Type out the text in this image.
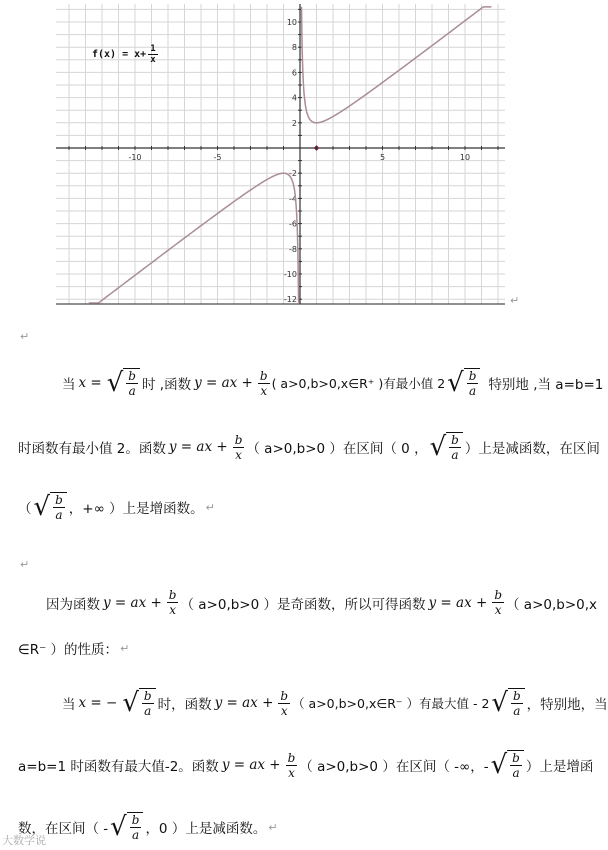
-10	-5	5	10
10
8
6
4
2
-2
-4
-6
-8
-10
-12
$f(x) = x+ \frac{1}{x}$
↵
↵
当 x = √ $\frac{b}{a}$ 时 ,函数 y = ax + $\frac{b}{x}$ ( a>0,b>0,x∈R⁺ )有最小值 2 √ $\frac{b}{a}$ 特别地 ,当 a=b=1
时函数有最小值 2。函数 y = ax + $\frac{b}{x}$ （ a>0,b>0 ）在区间（ 0 ， √ $\frac{b}{a}$ ）上是减函数，在区间
（ √ $\frac{b}{a}$ ，+∞ ）上是增函数。 ↵
↵
因为函数 y = ax + $\frac{b}{x}$ （ a>0,b>0 ）是奇函数，所以可得函数 y = ax + $\frac{b}{x}$ （ a>0,b>0,x
∈R⁻ ）的性质： ↵
当 x = − √ $\frac{b}{a}$ 时，函数 y = ax + $\frac{b}{x}$ （ a>0,b>0,x∈R⁻ ）有最大值 - 2 √ $\frac{b}{a}$ ，特别地，当
a=b=1 时函数有最大值-2。函数 y = ax + $\frac{b}{x}$ （ a>0,b>0 ）在区间（ -∞，- √ $\frac{b}{a}$ ）上是增函
数，在区间（ - √ $\frac{b}{a}$ ，0 ）上是减函数。 ↵
大数学说
